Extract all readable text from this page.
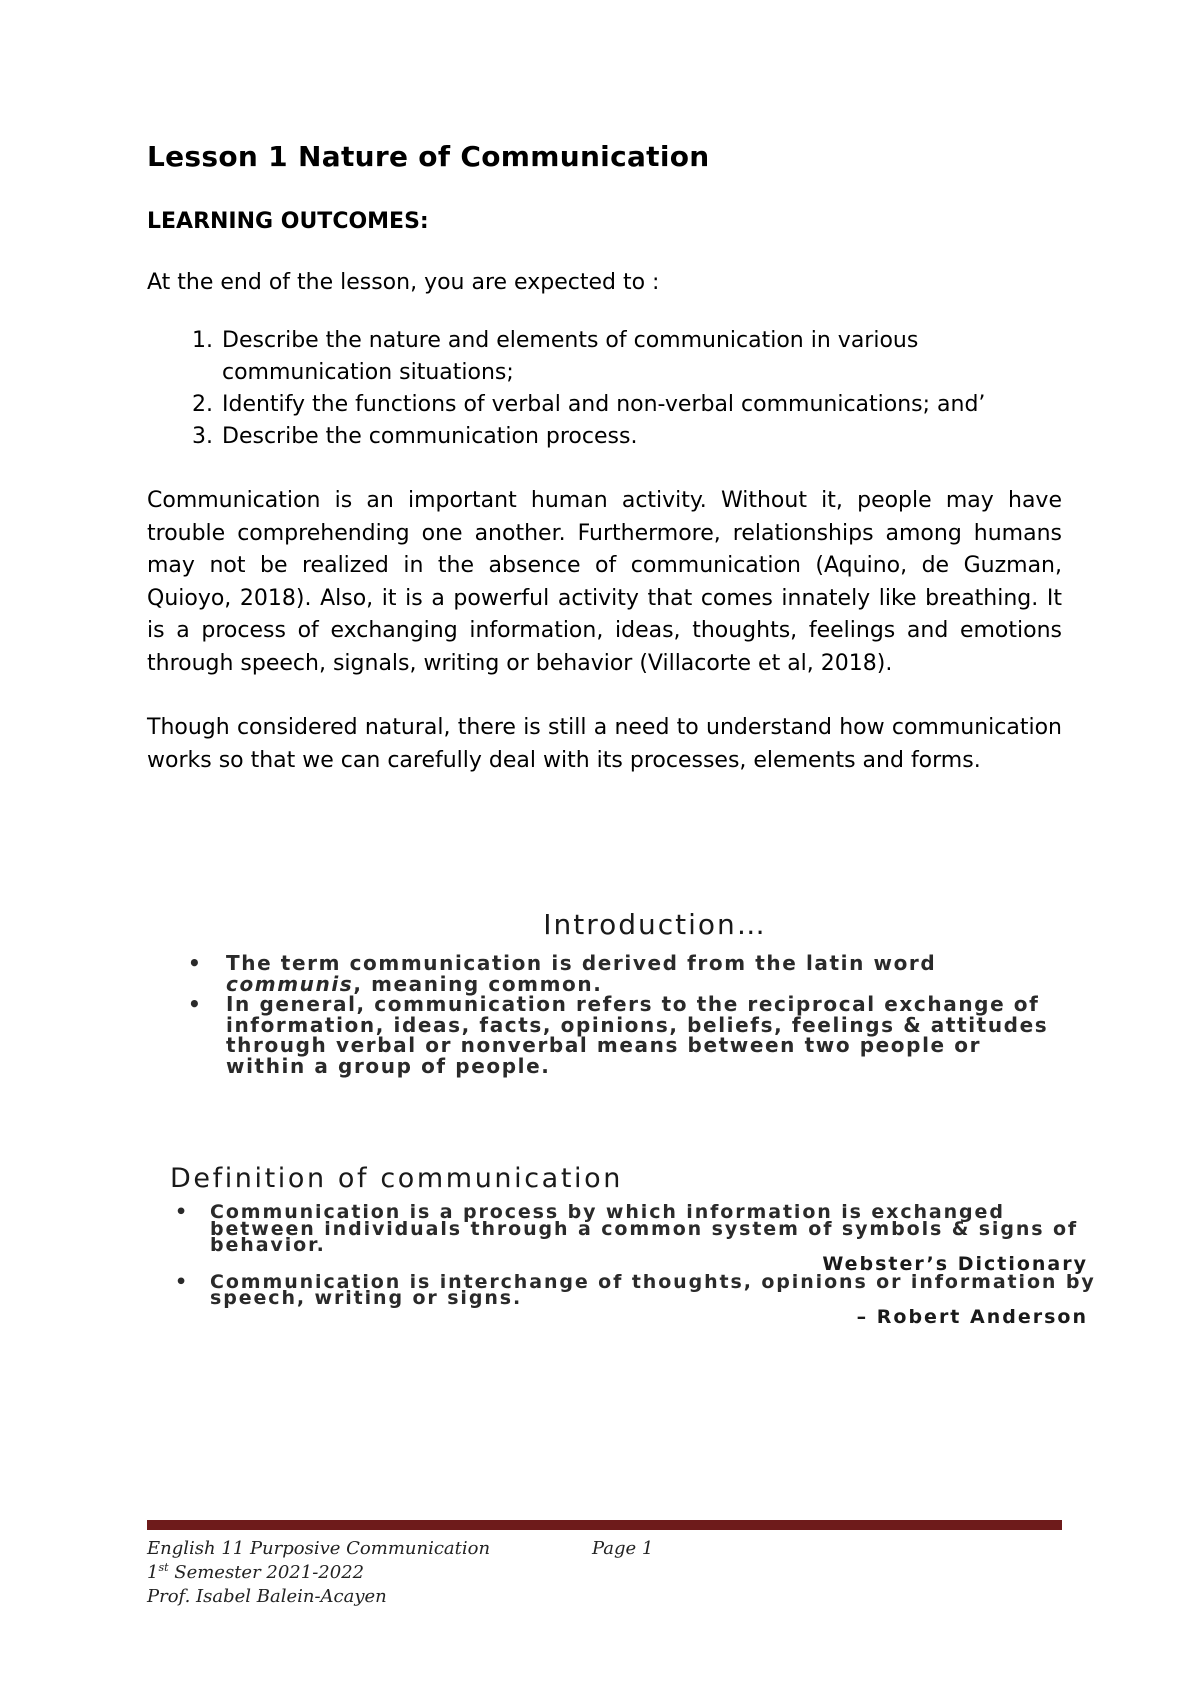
Lesson 1 Nature of Communication
LEARNING OUTCOMES:
At the end of the lesson, you are expected to :
1. Describe the nature and elements of communication in various communication situations;
2. Identify the functions of verbal and non-verbal communications; and’
3. Describe the communication process.

Communication is an important human activity. Without it, people may have trouble comprehending one another. Furthermore, relationships among humans may not be realized in the absence of communication (Aquino, de Guzman, Quioyo, 2018). Also, it is a powerful activity that comes innately like breathing. It is a process of exchanging information, ideas, thoughts, feelings and emotions through speech, signals, writing or behavior (Villacorte et al, 2018).

Though considered natural, there is still a need to understand how communication works so that we can carefully deal with its processes, elements and forms.

Introduction…
• The term communication is derived from the latin word communis, meaning common.
• In general, communication refers to the reciprocal exchange of information, ideas, facts, opinions, beliefs, feelings & attitudes through verbal or nonverbal means between two people or within a group of people.
Definition of communication
• Communication is a process by which information is exchanged between individuals through a common system of symbols & signs of behavior.
Webster’s Dictionary
• Communication is interchange of thoughts, opinions or information by speech, writing or signs.
– Robert Anderson
English 11 Purposive Communication	Page 1
1st Semester 2021-2022
Prof. Isabel Balein-Acayen
